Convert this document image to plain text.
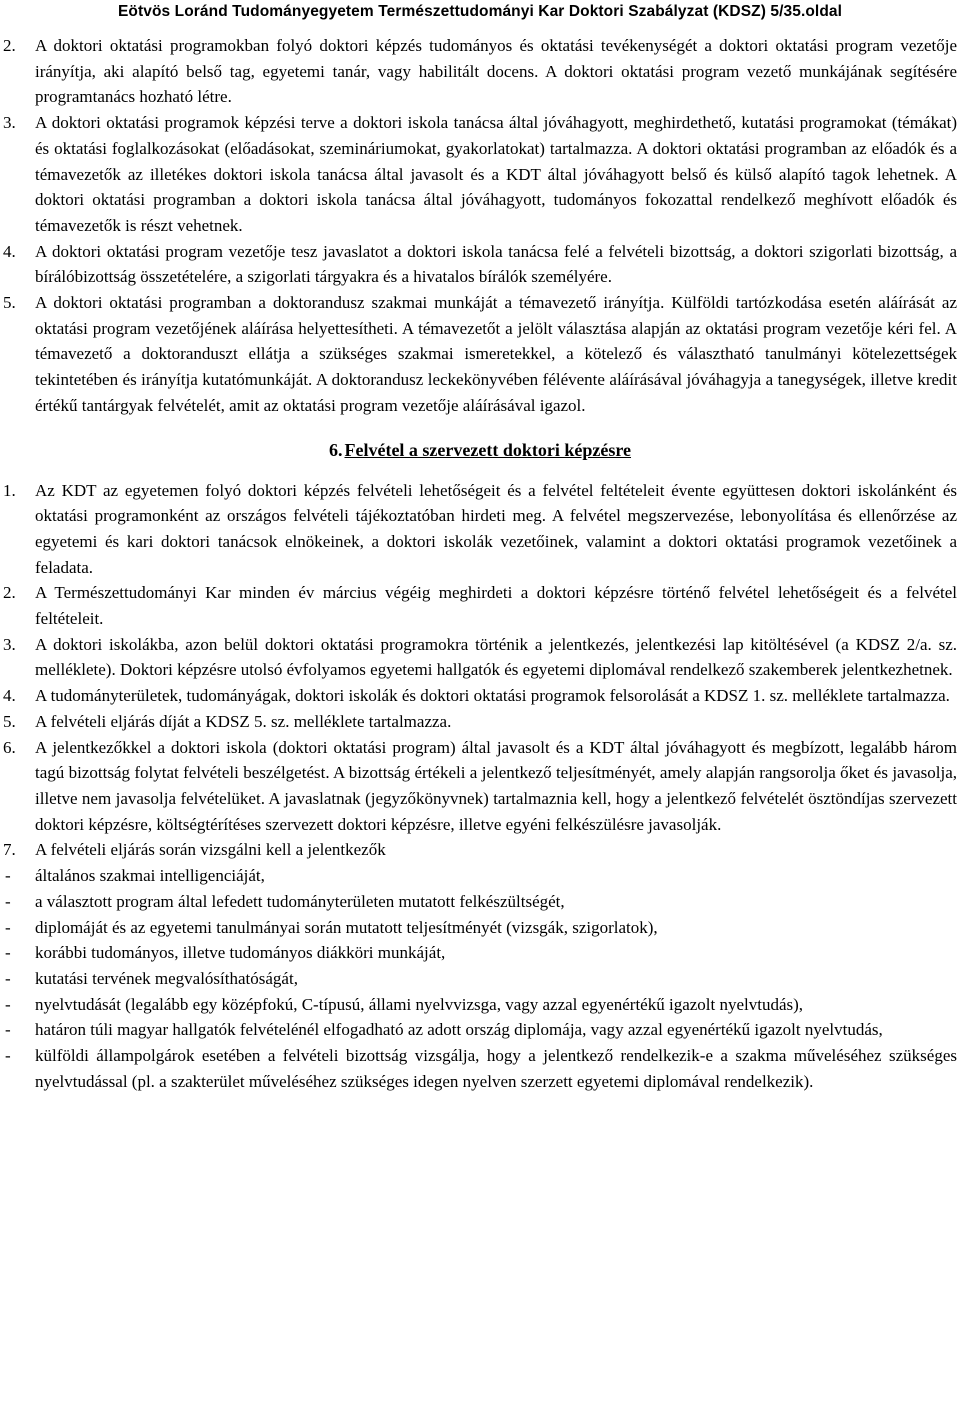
Eötvös Loránd Tudományegyetem Természettudományi Kar Doktori Szabályzat (KDSZ) 5/35.oldal
2.	A doktori oktatási programokban folyó doktori képzés tudományos és oktatási tevékenységét a doktori oktatási program vezetője irányítja, aki alapító belső tag, egyetemi tanár, vagy habilitált docens. A doktori oktatási program vezető munkájának segítésére programtanács hozható létre.
3.	A doktori oktatási programok képzési terve a doktori iskola tanácsa által jóváhagyott, meghirdethető, kutatási programokat (témákat) és oktatási foglalkozásokat (előadásokat, szemináriumokat, gyakorlatokat) tartalmazza. A doktori oktatási programban az előadók és a témavezetők az illetékes doktori iskola tanácsa által javasolt és a KDT által jóváhagyott belső és külső alapító tagok lehetnek. A doktori oktatási programban a doktori iskola tanácsa által jóváhagyott, tudományos fokozattal rendelkező meghívott előadók és témavezetők is részt vehetnek.
4.	A doktori oktatási program vezetője tesz javaslatot a doktori iskola tanácsa felé a felvételi bizottság, a doktori szigorlati bizottság, a bírálóbizottság összetételére, a szigorlati tárgyakra és a hivatalos bírálók személyére.
5.	A doktori oktatási programban a doktorandusz szakmai munkáját a témavezető irányítja. Külföldi tartózkodása esetén aláírását az oktatási program vezetőjének aláírása helyettesítheti. A témavezetőt a jelölt választása alapján az oktatási program vezetője kéri fel. A témavezető a doktoranduszt ellátja a szükséges szakmai ismeretekkel, a kötelező és választható tanulmányi kötelezettségek tekintetében és irányítja kutatómunkáját. A doktorandusz leckekönyvében félévente aláírásával jóváhagyja a tanegységek, illetve kredit értékű tantárgyak felvételét, amit az oktatási program vezetője aláírásával igazol.
6. Felvétel a szervezett doktori képzésre
1.	Az KDT az egyetemen folyó doktori képzés felvételi lehetőségeit és a felvétel feltételeit évente együttesen doktori iskolánként és oktatási programonként az országos felvételi tájékoztatóban hirdeti meg. A felvétel megszervezése, lebonyolítása és ellenőrzése az egyetemi és kari doktori tanácsok elnökeinek, a doktori iskolák vezetőinek, valamint a doktori oktatási programok vezetőinek a feladata.
2.	A Természettudományi Kar minden év március végéig meghirdeti a doktori képzésre történő felvétel lehetőségeit és a felvétel feltételeit.
3.	A doktori iskolákba, azon belül doktori oktatási programokra történik a jelentkezés, jelentkezési lap kitöltésével (a KDSZ 2/a. sz. melléklete). Doktori képzésre utolsó évfolyamos egyetemi hallgatók és egyetemi diplomával rendelkező szakemberek jelentkezhetnek.
4.	A tudományterületek, tudományágak, doktori iskolák és doktori oktatási programok felsorolását a KDSZ 1. sz. melléklete tartalmazza.
5.	A felvételi eljárás díját a KDSZ 5. sz. melléklete tartalmazza.
6.	A jelentkezőkkel a doktori iskola (doktori oktatási program) által javasolt és a KDT által jóváhagyott és megbízott, legalább három tagú bizottság folytat felvételi beszélgetést. A bizottság értékeli a jelentkező teljesítményét, amely alapján rangsorolja őket és javasolja, illetve nem javasolja felvételüket. A javaslatnak (jegyzőkönyvnek) tartalmaznia kell, hogy a jelentkező felvételét ösztöndíjas szervezett doktori képzésre, költségtérítéses szervezett doktori képzésre, illetve egyéni felkészülésre javasolják.
7.	A felvételi eljárás során vizsgálni kell a jelentkezők
-	általános szakmai intelligenciáját,
-	a választott program által lefedett tudományterületen mutatott felkészültségét,
-	diplomáját és az egyetemi tanulmányai során mutatott teljesítményét (vizsgák, szigorlatok),
-	korábbi tudományos, illetve tudományos diákköri munkáját,
-	kutatási tervének megvalósíthatóságát,
-	nyelvtudását (legalább egy középfokú, C-típusú, állami nyelvvizsga, vagy azzal egyenértékű igazolt nyelvtudás),
-	határon túli magyar hallgatók felvételénél elfogadható az adott ország diplomája, vagy azzal egyenértékű igazolt nyelvtudás,
-	külföldi állampolgárok esetében a felvételi bizottság vizsgálja, hogy a jelentkező rendelkezik-e a szakma műveléséhez szükséges nyelvtudással (pl. a szakterület műveléséhez szükséges idegen nyelven szerzett egyetemi diplomával rendelkezik).
